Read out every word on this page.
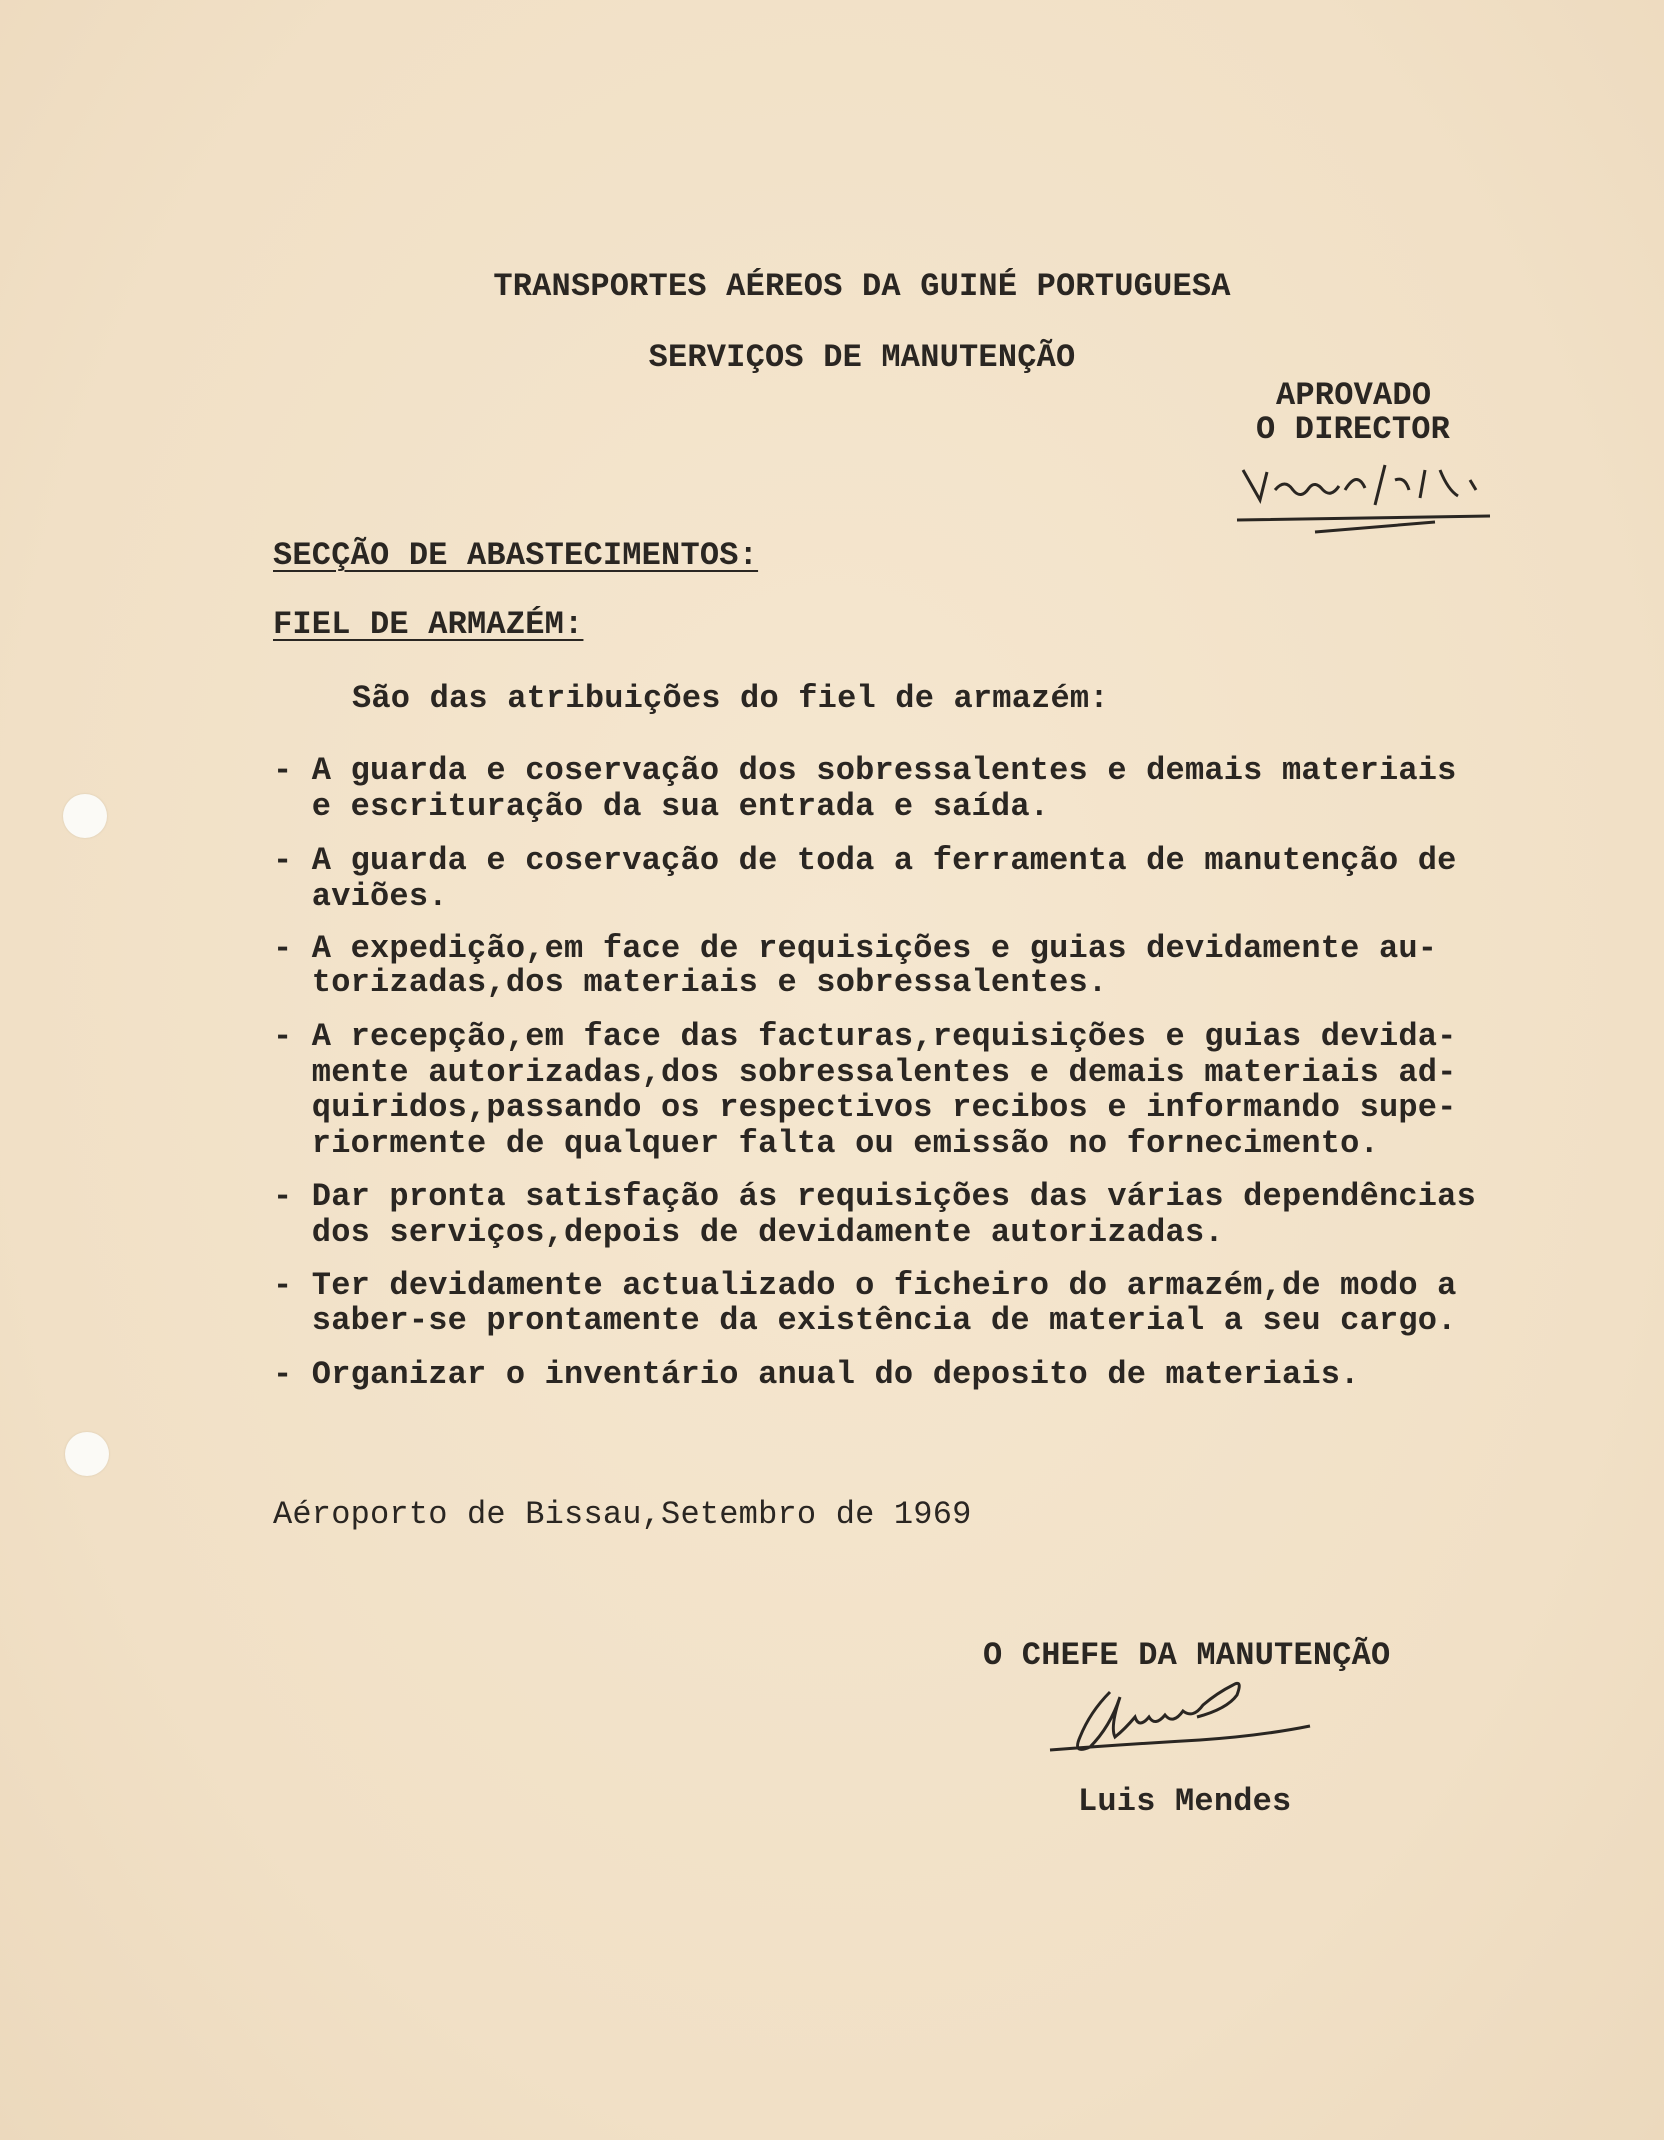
TRANSPORTES AÉREOS DA GUINÉ PORTUGUESA
SERVIÇOS DE MANUTENÇÃO
APROVADO
O DIRECTOR
SECÇÃO DE ABASTECIMENTOS:
FIEL DE ARMAZÉM:
São das atribuições do fiel de armazém:
- A guarda e coservação dos sobressalentes e demais materiais
e escrituração da sua entrada e saída.
- A guarda e coservação de toda a ferramenta de manutenção de
aviões.
- A expedição,em face de requisições e guias devidamente au-
torizadas,dos materiais e sobressalentes.
- A recepção,em face das facturas,requisições e guias devida-
mente autorizadas,dos sobressalentes e demais materiais ad-
quiridos,passando os respectivos recibos e informando supe-
riormente de qualquer falta ou emissão no fornecimento.
- Dar pronta satisfação ás requisições das várias dependências
dos serviços,depois de devidamente autorizadas.
- Ter devidamente actualizado o ficheiro do armazém,de modo a
saber-se prontamente da existência de material a seu cargo.
- Organizar o inventário anual do deposito de materiais.
Aéroporto de Bissau,Setembro de 1969
O CHEFE DA MANUTENÇÃO
Luis Mendes
